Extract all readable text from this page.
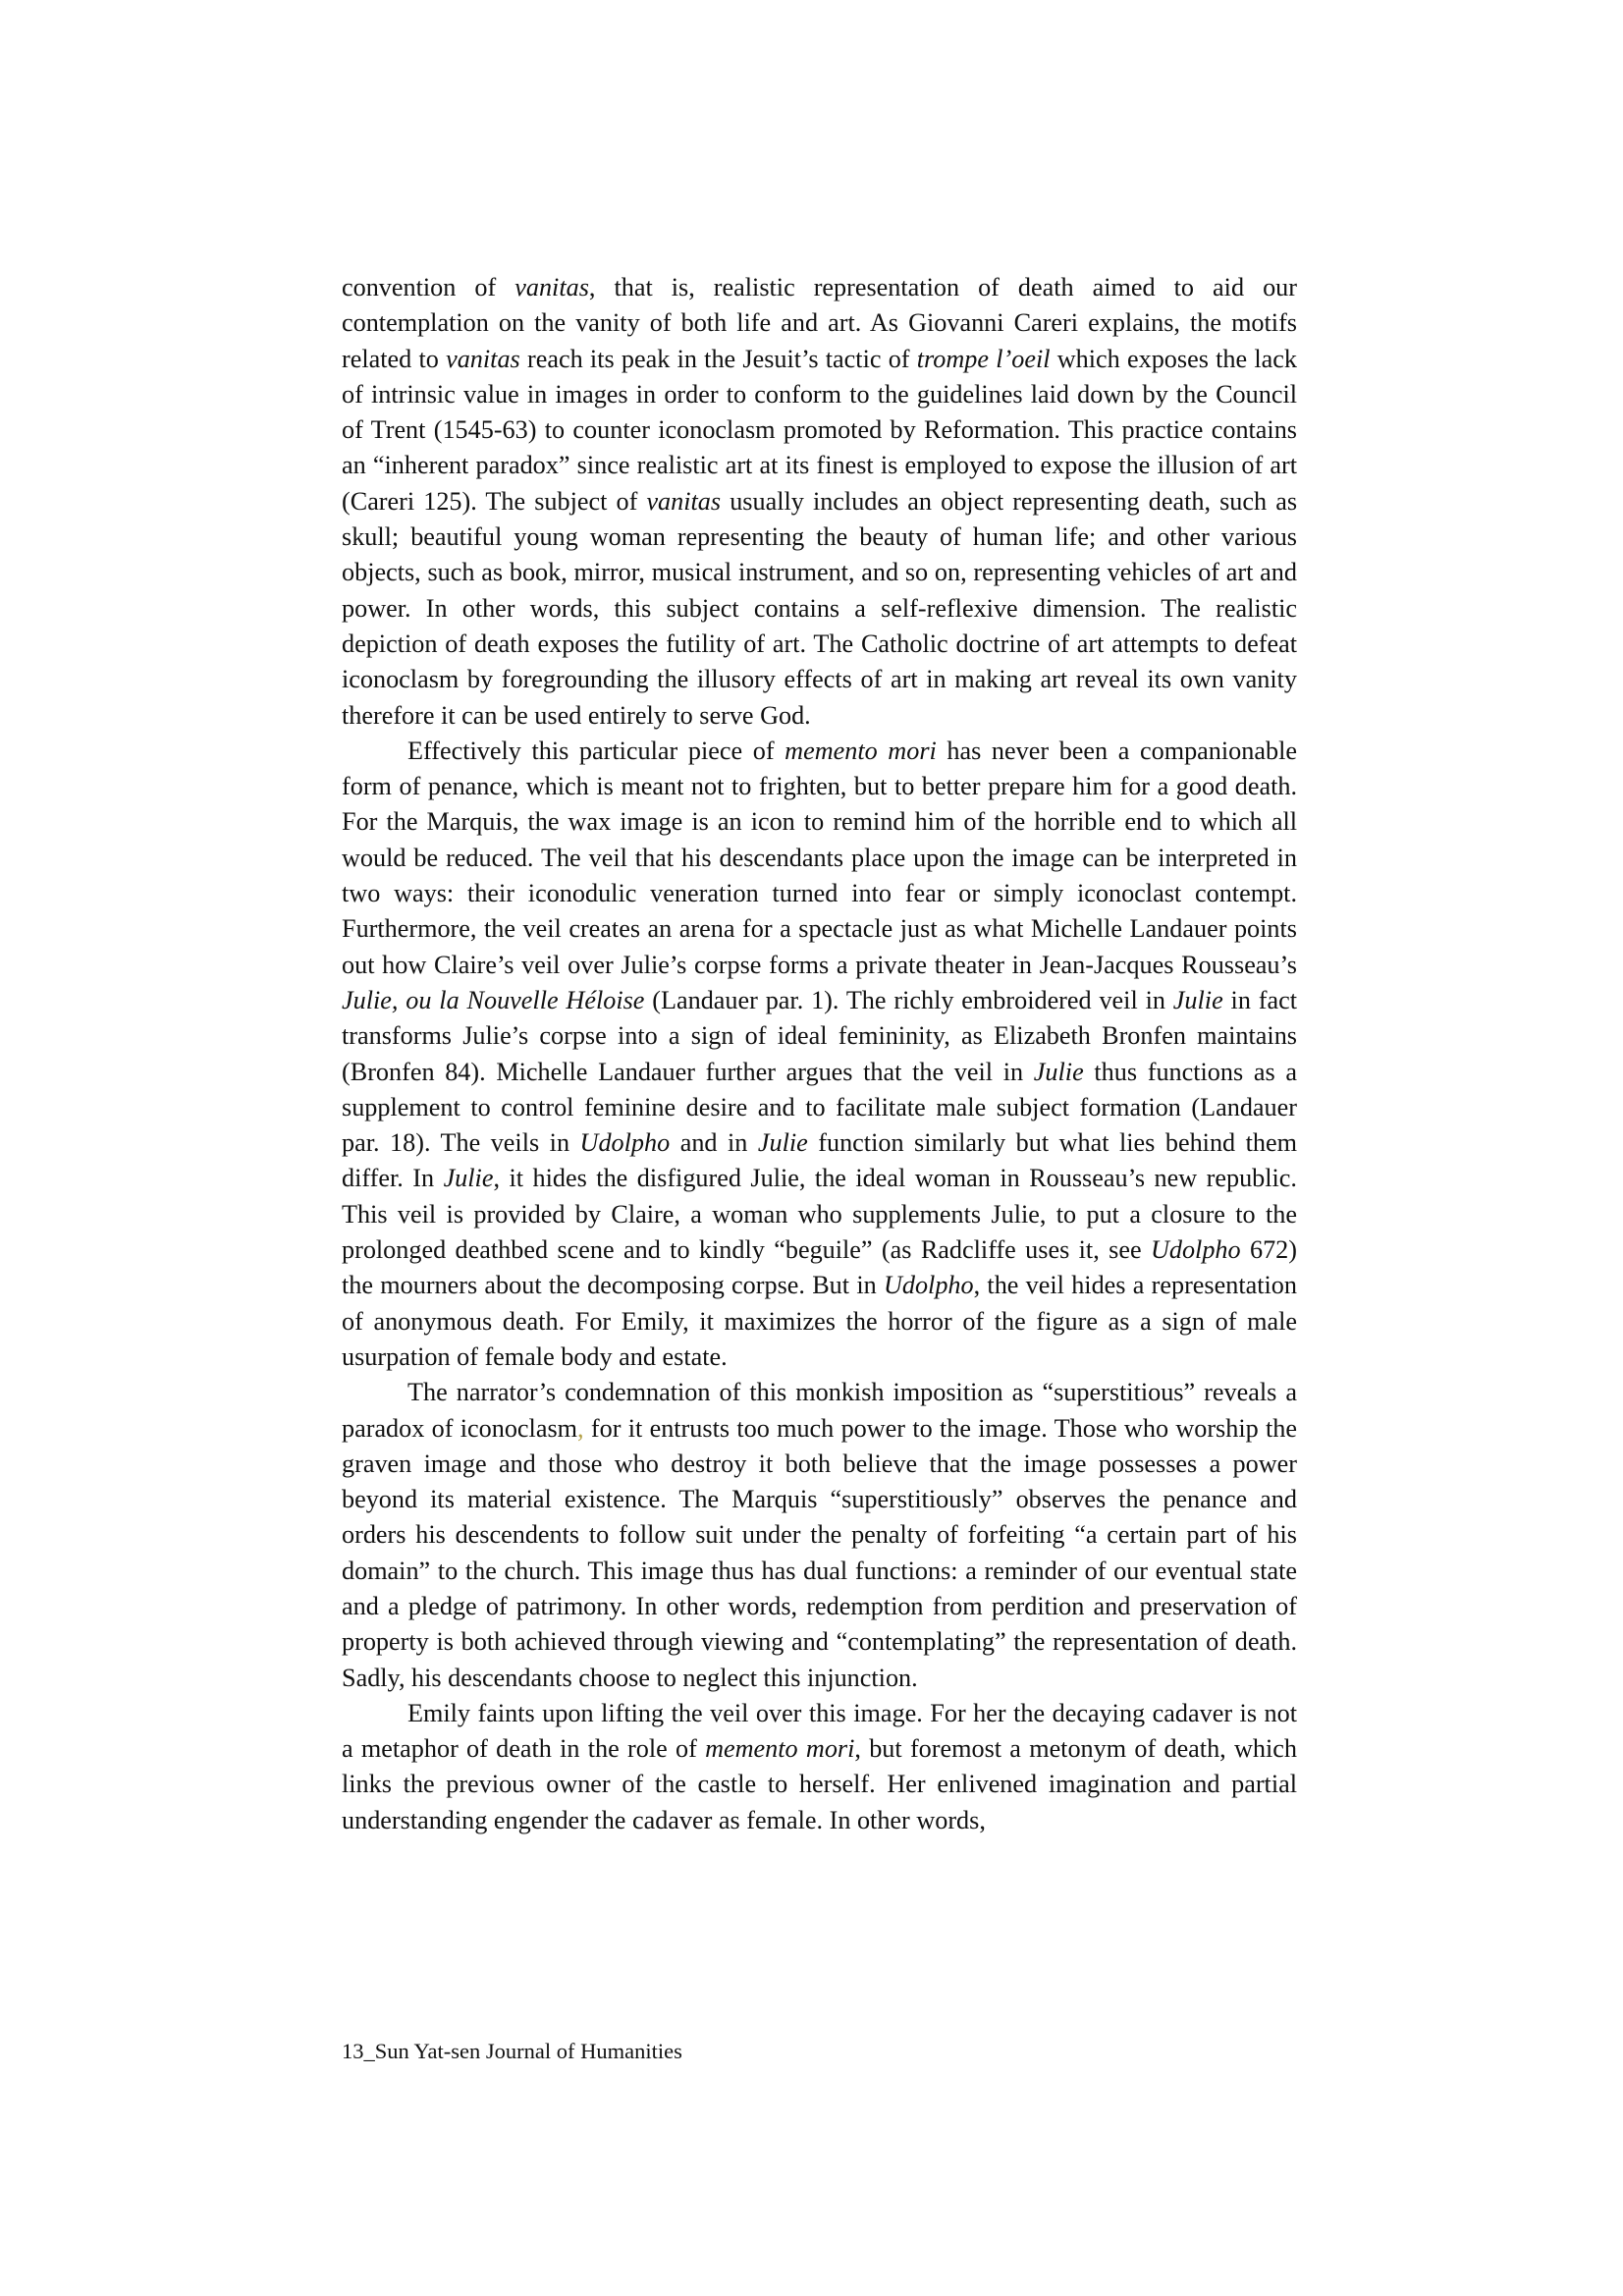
convention of vanitas, that is, realistic representation of death aimed to aid our contemplation on the vanity of both life and art. As Giovanni Careri explains, the motifs related to vanitas reach its peak in the Jesuit’s tactic of trompe l’oeil which exposes the lack of intrinsic value in images in order to conform to the guidelines laid down by the Council of Trent (1545-63) to counter iconoclasm promoted by Reformation. This practice contains an “inherent paradox” since realistic art at its finest is employed to expose the illusion of art (Careri 125). The subject of vanitas usually includes an object representing death, such as skull; beautiful young woman representing the beauty of human life; and other various objects, such as book, mirror, musical instrument, and so on, representing vehicles of art and power. In other words, this subject contains a self-reflexive dimension. The realistic depiction of death exposes the futility of art. The Catholic doctrine of art attempts to defeat iconoclasm by foregrounding the illusory effects of art in making art reveal its own vanity therefore it can be used entirely to serve God.

Effectively this particular piece of memento mori has never been a companionable form of penance, which is meant not to frighten, but to better prepare him for a good death. For the Marquis, the wax image is an icon to remind him of the horrible end to which all would be reduced. The veil that his descendants place upon the image can be interpreted in two ways: their iconodulic veneration turned into fear or simply iconoclast contempt. Furthermore, the veil creates an arena for a spectacle just as what Michelle Landauer points out how Claire’s veil over Julie’s corpse forms a private theater in Jean-Jacques Rousseau’s Julie, ou la Nouvelle Héloise (Landauer par. 1). The richly embroidered veil in Julie in fact transforms Julie’s corpse into a sign of ideal femininity, as Elizabeth Bronfen maintains (Bronfen 84). Michelle Landauer further argues that the veil in Julie thus functions as a supplement to control feminine desire and to facilitate male subject formation (Landauer par. 18). The veils in Udolpho and in Julie function similarly but what lies behind them differ. In Julie, it hides the disfigured Julie, the ideal woman in Rousseau’s new republic. This veil is provided by Claire, a woman who supplements Julie, to put a closure to the prolonged deathbed scene and to kindly “beguile” (as Radcliffe uses it, see Udolpho 672) the mourners about the decomposing corpse. But in Udolpho, the veil hides a representation of anonymous death. For Emily, it maximizes the horror of the figure as a sign of male usurpation of female body and estate.

The narrator’s condemnation of this monkish imposition as “superstitious” reveals a paradox of iconoclasm, for it entrusts too much power to the image. Those who worship the graven image and those who destroy it both believe that the image possesses a power beyond its material existence. The Marquis “superstitiously” observes the penance and orders his descendents to follow suit under the penalty of forfeiting “a certain part of his domain” to the church. This image thus has dual functions: a reminder of our eventual state and a pledge of patrimony. In other words, redemption from perdition and preservation of property is both achieved through viewing and “contemplating” the representation of death. Sadly, his descendants choose to neglect this injunction.

Emily faints upon lifting the veil over this image. For her the decaying cadaver is not a metaphor of death in the role of memento mori, but foremost a metonym of death, which links the previous owner of the castle to herself. Her enlivened imagination and partial understanding engender the cadaver as female. In other words,

13_Sun Yat-sen Journal of Humanities
